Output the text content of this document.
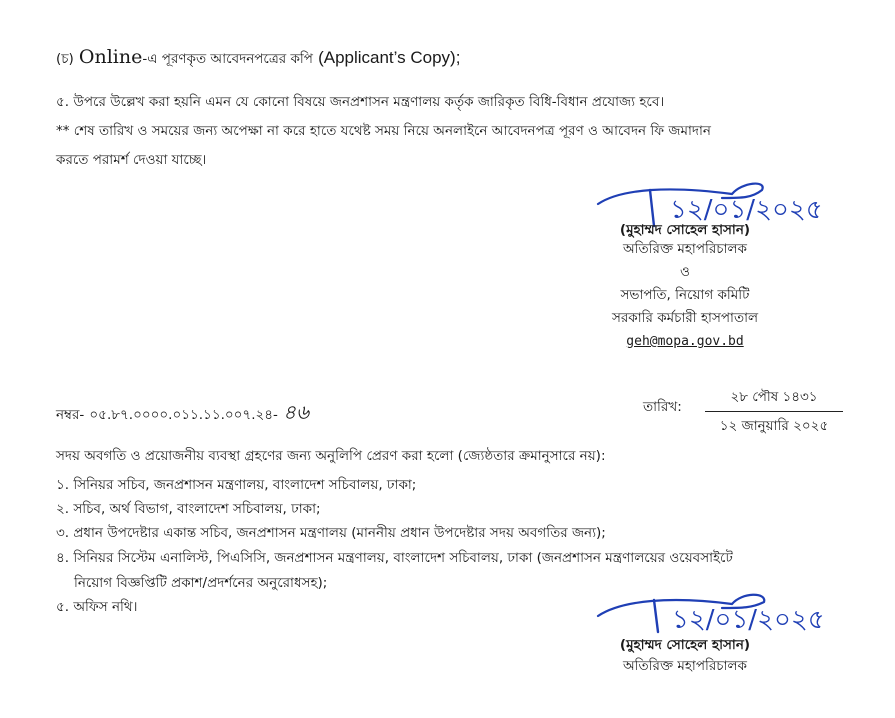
(চ) Online-এ পূরণকৃত আবেদনপত্রের কপি (Applicant’s Copy);
৫. উপরে উল্লেখ করা হয়নি এমন যে কোনো বিষয়ে জনপ্রশাসন মন্ত্রণালয় কর্তৃক জারিকৃত বিধি-বিধান প্রযোজ্য হবে।
** শেষ তারিখ ও সময়ের জন্য অপেক্ষা না করে হাতে যথেষ্ট সময় নিয়ে অনলাইনে আবেদনপত্র পূরণ ও আবেদন ফি জমাদান
করতে পরামর্শ দেওয়া যাচ্ছে।
১২/০১/২০২৫
(মুহাম্মদ সোহেল হাসান)
অতিরিক্ত মহাপরিচালক
ও
সভাপতি, নিয়োগ কমিটি
সরকারি কর্মচারী হাসপাতাল
geh@mopa.gov.bd
নম্বর- ০৫.৮৭.০০০০.০১১.১১.০০৭.২৪- ৪৬	তারিখ:
২৮ পৌষ ১৪৩১
১২ জানুয়ারি ২০২৫
সদয় অবগতি ও প্রয়োজনীয় ব্যবস্থা গ্রহণের জন্য অনুলিপি প্রেরণ করা হলো (জ্যেষ্ঠতার ক্রমানুসারে নয়):
১. সিনিয়র সচিব, জনপ্রশাসন মন্ত্রণালয়, বাংলাদেশ সচিবালয়, ঢাকা;
২. সচিব, অর্থ বিভাগ, বাংলাদেশ সচিবালয়, ঢাকা;
৩. প্রধান উপদেষ্টার একান্ত সচিব, জনপ্রশাসন মন্ত্রণালয় (মাননীয় প্রধান উপদেষ্টার সদয় অবগতির জন্য);
৪. সিনিয়র সিস্টেম এনালিস্ট, পিএসিসি, জনপ্রশাসন মন্ত্রণালয়, বাংলাদেশ সচিবালয়, ঢাকা (জনপ্রশাসন মন্ত্রণালয়ের ওয়েবসাইটে
নিয়োগ বিজ্ঞপ্তিটি প্রকাশ/প্রদর্শনের অনুরোধসহ);
৫. অফিস নথি।	১২/০১/২০২৫
(মুহাম্মদ সোহেল হাসান)
অতিরিক্ত মহাপরিচালক
